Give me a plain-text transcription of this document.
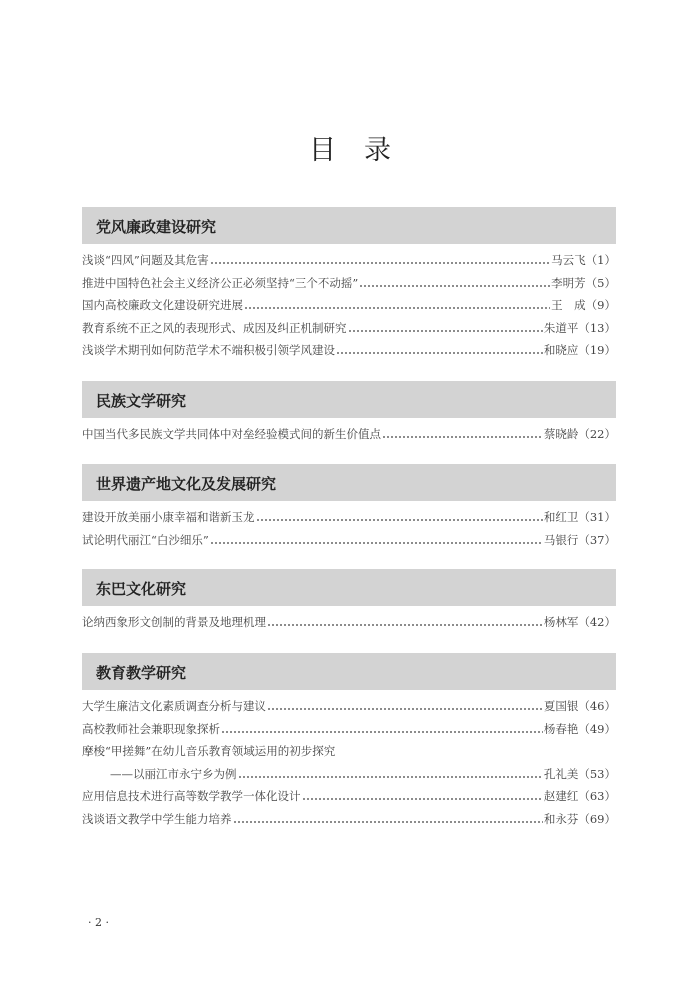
目录
党风廉政建设研究
浅谈“四风”问题及其危害	马云飞 （1）
推进中国特色社会主义经济公正必须坚持“三个不动摇”	李明芳 （5）
国内高校廉政文化建设研究进展	王　成 （9）
教育系统不正之风的表现形式、成因及纠正机制研究	朱道平 （13）
浅谈学术期刊如何防范学术不端积极引领学风建设	和晓应 （19）
民族文学研究
中国当代多民族文学共同体中对垒经验模式间的新生价值点	蔡晓龄 （22）
世界遗产地文化及发展研究
建设开放美丽小康幸福和谐新玉龙	和红卫 （31）
试论明代丽江“白沙细乐”	马银行 （37）
东巴文化研究
论纳西象形文创制的背景及地理机理	杨林军 （42）
教育教学研究
大学生廉洁文化素质调查分析与建议	夏国银 （46）
高校教师社会兼职现象探析	杨春艳 （49）
摩梭“甲搓舞”在幼儿音乐教育领域运用的初步探究
——以丽江市永宁乡为例	孔礼美 （53）
应用信息技术进行高等数学教学一体化设计	赵建红 （63）
浅谈语文教学中学生能力培养	和永芬 （69）
· 2 ·
